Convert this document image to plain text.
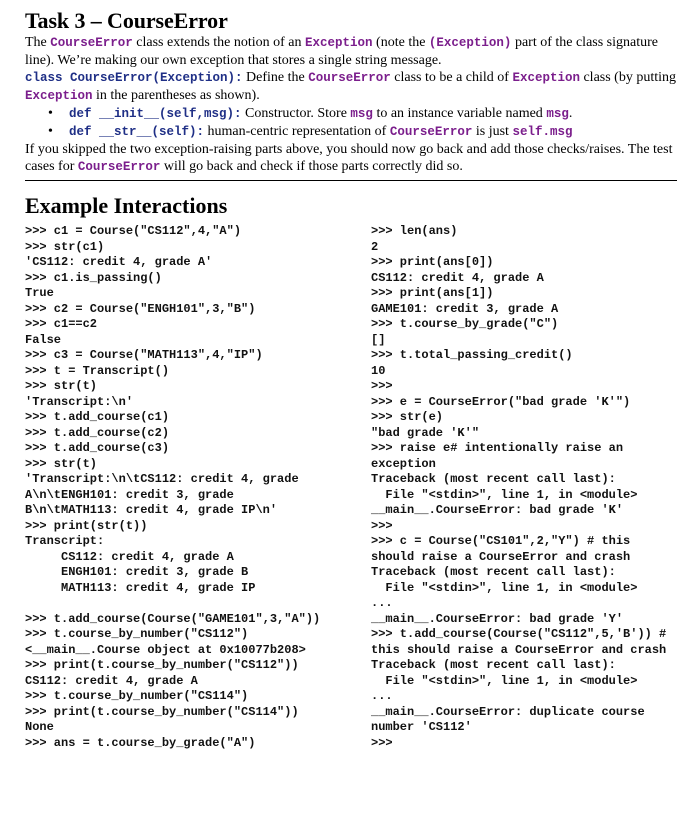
Task 3 – CourseError

The CourseError class extends the notion of an Exception (note the (Exception) part of the class signature line). We’re making our own exception that stores a single string message.

class CourseError(Exception): Define the CourseError class to be a child of Exception class (by putting Exception in the parentheses as shown).

• def __init__(self,msg): Constructor. Store msg to an instance variable named msg.
• def __str__(self): human-centric representation of CourseError is just self.msg

If you skipped the two exception-raising parts above, you should now go back and add those checks/raises. The test cases for CourseError will go back and check if those parts correctly did so.

Example Interactions
>>> c1 = Course("CS112",4,"A")
>>> str(c1)
'CS112: credit 4, grade A'
>>> c1.is_passing()
True
>>> c2 = Course("ENGH101",3,"B")
>>> c1==c2
False
>>> c3 = Course("MATH113",4,"IP")
>>> t = Transcript()
>>> str(t)
'Transcript:\n'
>>> t.add_course(c1)
>>> t.add_course(c2)
>>> t.add_course(c3)
>>> str(t)
'Transcript:\n\tCS112: credit 4, grade
A\n\tENGH101: credit 3, grade
B\n\tMATH113: credit 4, grade IP\n'
>>> print(str(t))
Transcript:
CS112: credit 4, grade A
ENGH101: credit 3, grade B
MATH113: credit 4, grade IP
>>> t.add_course(Course("GAME101",3,"A"))
>>> t.course_by_number("CS112")
<__main__.Course object at 0x10077b208>
>>> print(t.course_by_number("CS112"))
CS112: credit 4, grade A
>>> t.course_by_number("CS114")
>>> print(t.course_by_number("CS114"))
None
>>> ans = t.course_by_grade("A")
>>> len(ans)
2
>>> print(ans[0])
CS112: credit 4, grade A
>>> print(ans[1])
GAME101: credit 3, grade A
>>> t.course_by_grade("C")
[]
>>> t.total_passing_credit()
10
>>>
>>> e = CourseError("bad grade 'K'")
>>> str(e)
"bad grade 'K'"
>>> raise e# intentionally raise an
exception
Traceback (most recent call last):
File "<stdin>", line 1, in <module>
__main__.CourseError: bad grade 'K'
>>>
>>> c = Course("CS101",2,"Y") # this
should raise a CourseError and crash
Traceback (most recent call last):
File "<stdin>", line 1, in <module>
...
__main__.CourseError: bad grade 'Y'
>>> t.add_course(Course("CS112",5,'B')) #
this should raise a CourseError and crash
Traceback (most recent call last):
File "<stdin>", line 1, in <module>
...
__main__.CourseError: duplicate course
number 'CS112'
>>>
